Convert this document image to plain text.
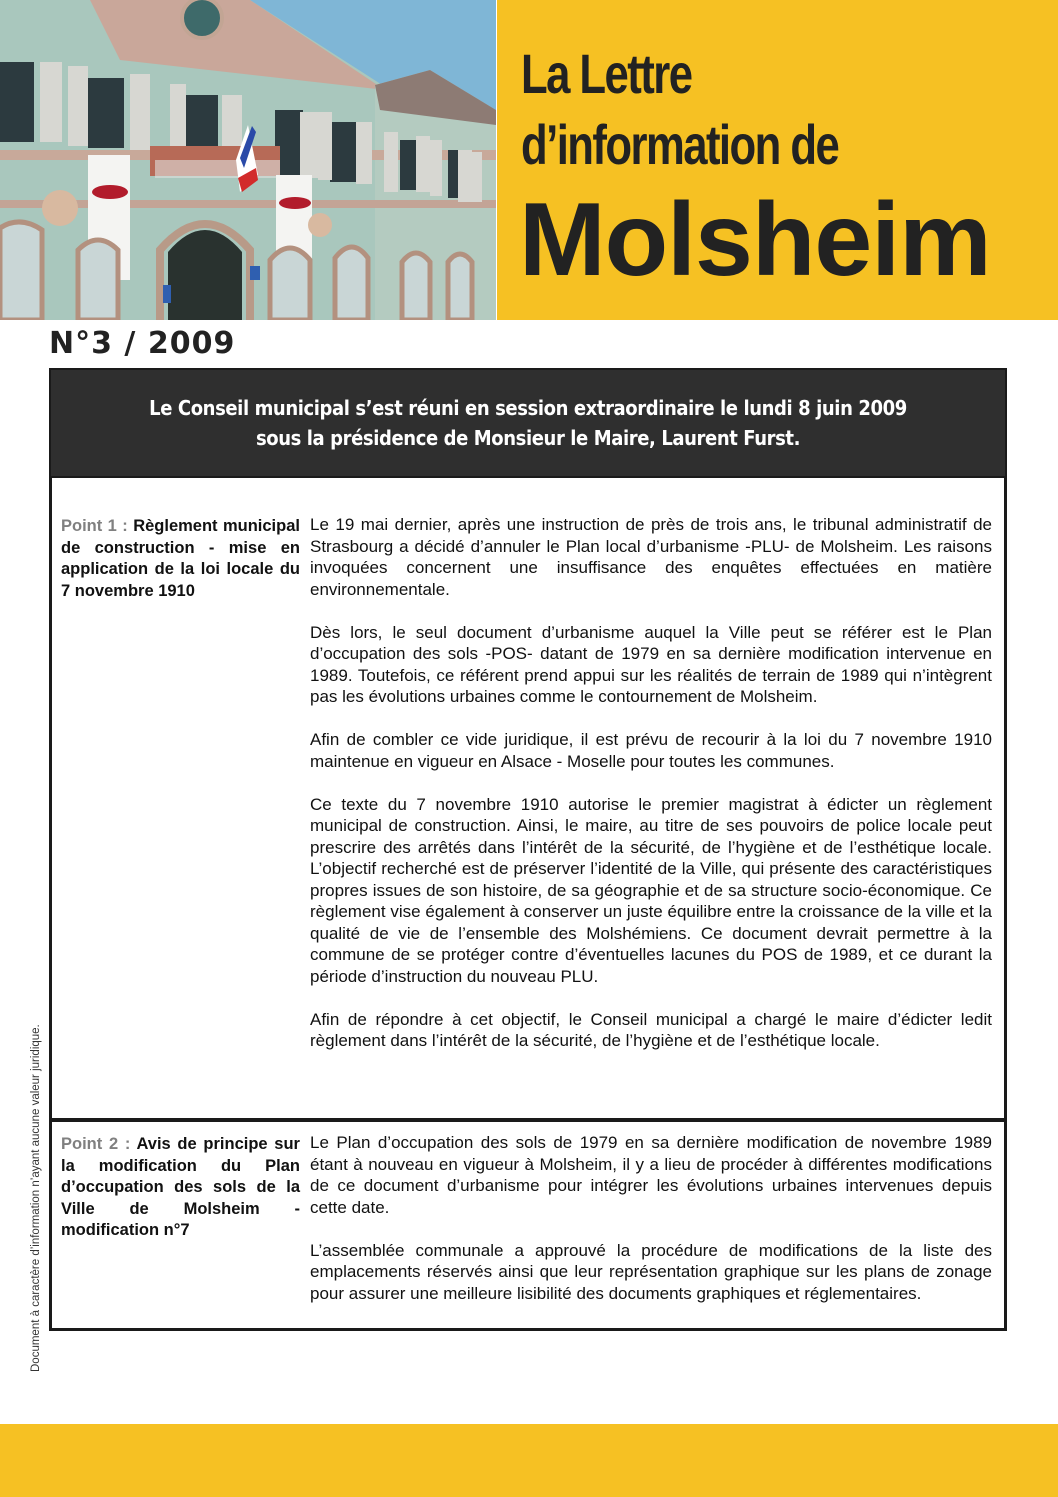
La Lettre
d’information de
Molsheim
N°3 / 2009
Le Conseil municipal s’est réuni en session extraordinaire le lundi 8 juin 2009
sous la présidence de Monsieur le Maire, Laurent Furst.
Point 1 : Règlement municipal de construction - mise en application de la loi locale du 7 novembre 1910

Le 19 mai dernier, après une instruction de près de trois ans, le tribunal administratif de Strasbourg a décidé d’annuler le Plan local d’urbanisme -PLU- de Molsheim. Les raisons invoquées concernent une insuffisance des enquêtes effectuées en matière environnementale.

Dès lors, le seul document d’urbanisme auquel la Ville peut se référer est le Plan d’occupation des sols -POS- datant de 1979 en sa dernière modification intervenue en 1989. Toutefois, ce référent prend appui sur les réalités de terrain de 1989 qui n’intègrent pas les évolutions urbaines comme le contournement de Molsheim.

Afin de combler ce vide juridique, il est prévu de recourir à la loi du 7 novembre 1910 maintenue en vigueur en Alsace - Moselle pour toutes les communes.

Ce texte du 7 novembre 1910 autorise le premier magistrat à édicter un règlement municipal de construction. Ainsi, le maire, au titre de ses pouvoirs de police locale peut prescrire des arrêtés dans l’intérêt de la sécurité, de l’hygiène et de l’esthétique locale. L’objectif recherché est de préserver l’identité de la Ville, qui présente des caractéristiques propres issues de son histoire, de sa géographie et de sa structure socio-économique. Ce règlement vise également à conserver un juste équilibre entre la croissance de la ville et la qualité de vie de l’ensemble des Molshémiens. Ce document devrait permettre à la commune de se protéger contre d’éventuelles lacunes du POS de 1989, et ce durant la période d’instruction du nouveau PLU.

Afin de répondre à cet objectif, le Conseil municipal a chargé le maire d’édicter ledit règlement dans l’intérêt de la sécurité, de l’hygiène et de l’esthétique locale.

Point 2 : Avis de principe sur la modification du Plan d’occupation des sols de la Ville de Molsheim - modification n°7

Le Plan d’occupation des sols de 1979 en sa dernière modification de novembre 1989 étant à nouveau en vigueur à Molsheim, il y a lieu de procéder à différentes modifications de ce document d’urbanisme pour intégrer les évolutions urbaines intervenues depuis cette date.

L’assemblée communale a approuvé la procédure de modifications de la liste des emplacements réservés ainsi que leur représentation graphique sur les plans de zonage pour assurer une meilleure lisibilité des documents graphiques et réglementaires.

Document à caractère d’information n’ayant aucune valeur juridique.
